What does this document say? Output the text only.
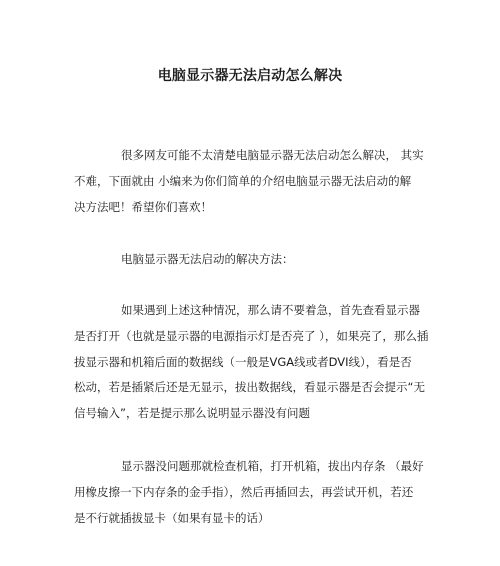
电脑显示器无法启动怎么解决

很多网友可能不太清楚电脑显示器无法启动怎么解决， 其实
不难，下面就由 小编来为你们简单的介绍电脑显示器无法启动的解
决方法吧！希望你们喜欢！

电脑显示器无法启动的解决方法：

如果遇到上述这种情况，那么请不要着急，首先查看显示器
是否打开（也就是显示器的电源指示灯是否亮了 ），如果亮了，那么插
拔显示器和机箱后面的数据线（一般是VGA线或者DVI线），看是否
松动，若是插紧后还是无显示，拔出数据线，看显示器是否会提示“无
信号输入”，若是提示那么说明显示器没有问题

显示器没问题那就检查机箱，打开机箱，拔出内存条 （最好
用橡皮擦一下内存条的金手指），然后再插回去，再尝试开机，若还
是不行就插拔显卡（如果有显卡的话）
